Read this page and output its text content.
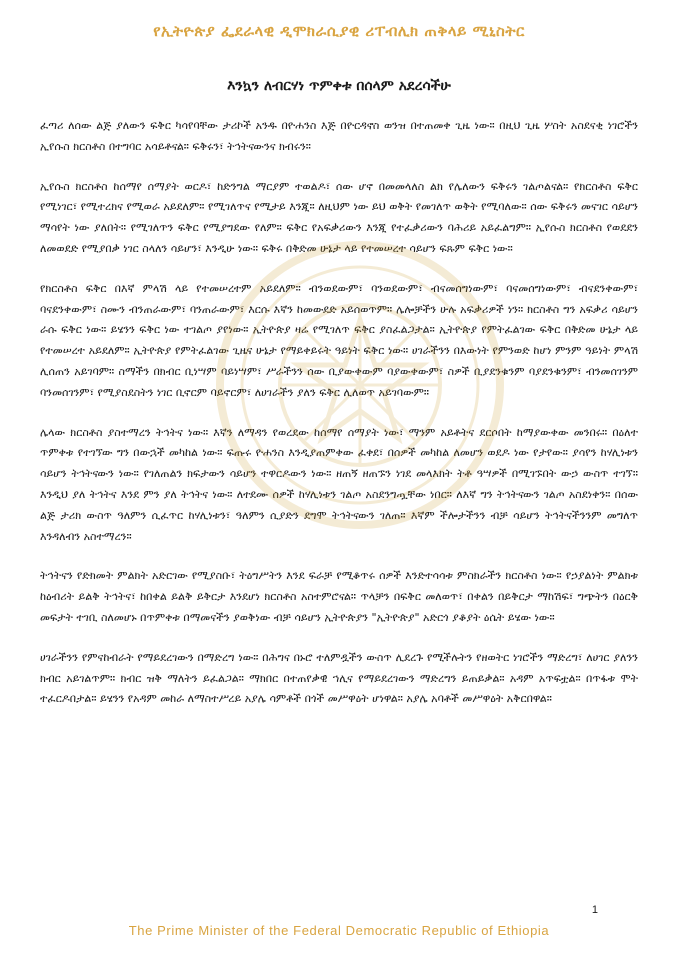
የኢትዮጵያ ፌደራላዊ ዲሞክራሲያዊ ሪፐብሊክ ጠቅላይ ሚኒስትር
እንኳን ለብርሃነ ጥምቀቱ በሰላም አደረሳችሁ

ፈጣሪ ለሰው ልጅ ያለውን ፍቅር ካሳየባቸው ታሪኮች አንዱ በዮሐንስ እጅ በዮርዳኖስ ወንዝ በተጠመቀ ጊዜ ነው። በዚህ ጊዜ ሦስት አስደናቂ ነገሮችን ኢየሱስ ክርስቶስ በተግባር አሳይቶናል። ፍቅሩን፣ ትኅትናውንና ክብሩን።

ኢየሱስ ክርስቶስ ከሰማየ ሰማያት ወርዶ፣ ከድንግል ማርያም ተወልዶ፣ ሰው ሆኖ በመመላለስ ልክ የሌለውን ፍቅሩን ገልጦልናል። የክርስቶስ ፍቅር የሚነገር፣ የሚተረክና የሚወራ አይደለም። የሚገለጥና የሚታይ እንጂ። ለዚህም ነው ይህ ወቅት የመገለጥ ወቅት የሚባለው። ሰው ፍቅሩን መናገር ሳይሆን ማሳየት ነው ያለበት። የሚገለጥን ፍቅር የሚያግደው የለም። ፍቅር የአፍቃሪውን እንጂ የተፈቃሪውን ባሕሪይ አይፈልግም። ኢየሱስ ክርስቶስ የወደደን ለመወደድ የሚያበቃ ነገር ስላለን ሳይሆን፣ እንዲሁ ነው። ፍቅሩ በቅድመ ሁኔታ ላይ የተመሠረተ ሳይሆን ፍጹም ፍቅር ነው።

የክርስቶስ ፍቅር በእኛ ምላሽ ላይ የተመሠረተም አይደለም። ብንወደውም፣ ባንወደውም፣ ብናመሰግነውም፣ ባናመሰግነውም፣ ብናደንቀውም፣ ባናደንቀውም፣ ስሙን ብንጠራውም፣ ባንጠራውም፣ እርሱ እኛን ከመውደድ አይሰወጥም። ሌሎቻችን ሁሉ አፍቃሪዎች ነን። ክርስቶስ ግን አፍቃሪ ሳይሆን ራሱ ፍቅር ነው። ይሄንን ፍቅር ነው ተገልጦ ያየነው። ኢትዮጵያ ዛሬ የሚገለጥ ፍቅር ያስፈልጋታል። ኢትዮጵያ የምትፈልገው ፍቅር በቅድመ ሁኔታ ላይ የተመሠረተ አይደለም። ኢትዮጵያ የምትፈልገው ጊዜና ሁኔታ የማይቀይሩት ዓይነት ፍቅር ነው። ሀገራችንን በእውነት የምንወድ ከሆነ ምንም ዓይነት ምላሽ ሊሰጠን አይገባም። ስማችን በክብር ቢነሣም ባይነሣም፣ ሥራችንን ሰው ቢያውቀውም ባያውቀውም፣ ስዎች ቢያደንቁንም ባያደንቁንም፣ ብንመሰገንም ባንመሰገንም፣ የሚያስደስትን ነገር ቢኖርም ባይኖርም፣ ለሀገራችን ያለን ፍቅር ሊለወጥ አይገባውም።

ሌላው ክርስቶስ ያስተማረን ትኅትና ነው። እኛን ለማዳን የወረደው ከሰማየ ሰማያት ነው፣ ማንም አይቶትና ደርሶበት ከማያውቀው መንበሩ። በዕለተ ጥምቀቱ የተገኘው ግን በውኋች መካከል ነው። ፍጡሩ ዮሐንስ እንዲያጠምቀው ፈቀደ፣ በሰዎች መካከል ለመሆን ወደዶ ነው የታየው። ያሳየን ከሃሊነቱን ሳይሆን ትኅትናውን ነው። የገለጠልን ክፍታውን ሳይሆን ተዋርዶውን ነው። ዘጠኝ ዘጠኙን ነገደ መላእክት ትቶ ዓሣዎች በሚገኙበት ውኃ ውስጥ ተገኘ። እንዲህ ያለ ትኅትና እንደ ምን ያለ ትኅትና ነው። ለተደሙ ሰዎች ከሃሊነቱን ገልጦ አስደንግጧቸው ነበር። ለእኛ ግን ትኅትናውን ገልጦ አስደነቀን። በሰው ልጅ ታሪክ ውስጥ ዓለምን ሲፈጥር ከሃሊነቱን፣ ዓለምን ሲያድን ደግሞ ትኅትናውን ገለጠ። እኛም ችሎታችንን ብቻ ሳይሆን ትኅትናችንንም መግለጥ እንዳለብን አስተማረን።

ትኅትናን የድክመት ምልክት አድርገው የሚያስቡ፣ ትዕግሥትን እንደ ፍራቻ የሚቆጥሩ ሰዎች እንድተሳሳቱ ምስክራችን ክርስቶስ ነው። የኃያልነት ምልክቱ ከዕብሪት ይልቅ ትኅትና፣ ከበቀል ይልቅ ይቅርታ እንደሆነ ክርስቶስ አስተምሮናል። ጥላቻን በፍቅር መለወጥ፣ በቀልን በይቅርታ ማከሽፍ፣ ግጭትን በዕርቅ መፍታት ተገቢ ስለመሆኑ በጥምቀቱ በማመናችን ያወቅነው ብቻ ሳይሆን ኢትዮጵያን "ኢትዮጵያ" አድርጎ ያቆያት ዕሴት ይሄው ነው።

ሀገራችንን የምናከብራት የማይደረገውን በማድረግ ነው። በሕግና በኑሮ ተለምዷችን ውስጥ ሊደረጉ የሚችሉትን የዘወትር ነገሮችን ማድረግ፣ ለሀገር ያለንን ክብር አይገልጥም። ክብር ዝቅ ማለትን ይፈልጋል። ማክበር በተጠየቃዊ ኀሊና የማይደረገውን ማድረግን ይጠይቃል። አዳም አጥፍቷል። በጥፋቱ ሞት ተፈርዶበታል። ይሄንን የአዳም መከራ ለማስተሥረይ አያሌ ሳምቶች በጎች መሥዋዕት ሆነዋል። አያሌ አባቶች መሥዋዕት አቅርበዋል።

1
The Prime Minister of the Federal Democratic Republic of Ethiopia
